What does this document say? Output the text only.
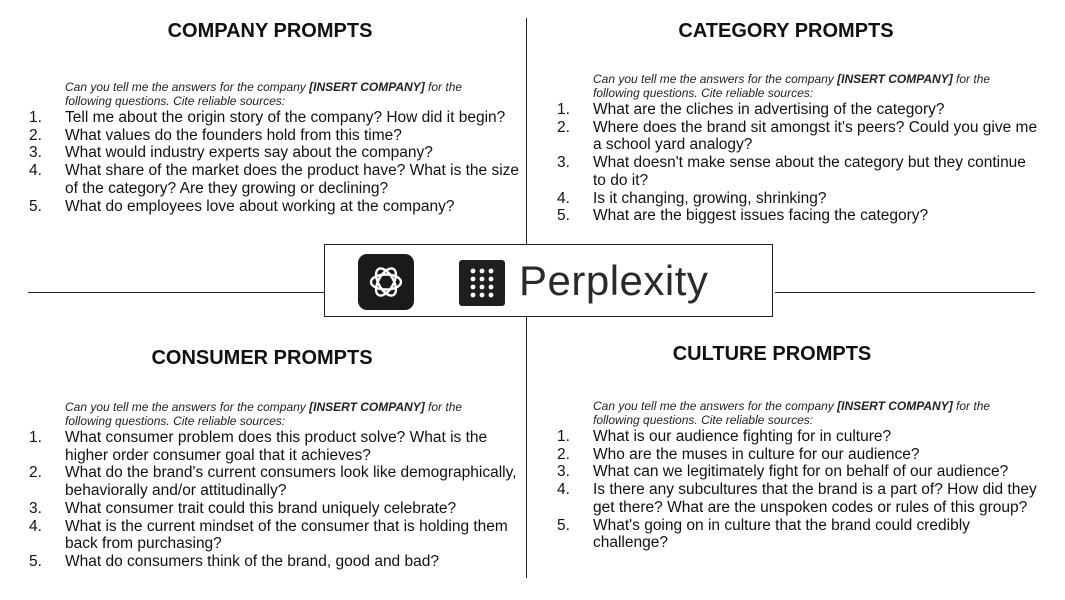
COMPANY PROMPTS	CATEGORY PROMPTS
CONSUMER PROMPTS	CULTURE PROMPTS

Can you tell me the answers for the company [INSERT COMPANY] for the
following questions. Cite reliable sources:

1. Tell me about the origin story of the company? How did it begin?
2. What values do the founders hold from this time?
3. What would industry experts say about the company?
4. What share of the market does the product have? What is the size of the category? Are they growing or declining?
5. What do employees love about working at the company?

Can you tell me the answers for the company [INSERT COMPANY] for the
following questions. Cite reliable sources:

1. What are the cliches in advertising of the category?
2. Where does the brand sit amongst it's peers? Could you give me a school yard analogy?
3. What doesn't make sense about the category but they continue to do it?
4. Is it changing, growing, shrinking?
5. What are the biggest issues facing the category?
Perplexity

Can you tell me the answers for the company [INSERT COMPANY] for the
following questions. Cite reliable sources:

1. What consumer problem does this product solve? What is the higher order consumer goal that it achieves?
2. What do the brand's current consumers look like demographically, behaviorally and/or attitudinally?
3. What consumer trait could this brand uniquely celebrate?
4. What is the current mindset of the consumer that is holding them back from purchasing?
5. What do consumers think of the brand, good and bad?

Can you tell me the answers for the company [INSERT COMPANY] for the
following questions. Cite reliable sources:

1. What is our audience fighting for in culture?
2. Who are the muses in culture for our audience?
3. What can we legitimately fight for on behalf of our audience?
4. Is there any subcultures that the brand is a part of? How did they get there? What are the unspoken codes or rules of this group?
5. What's going on in culture that the brand could credibly challenge?
